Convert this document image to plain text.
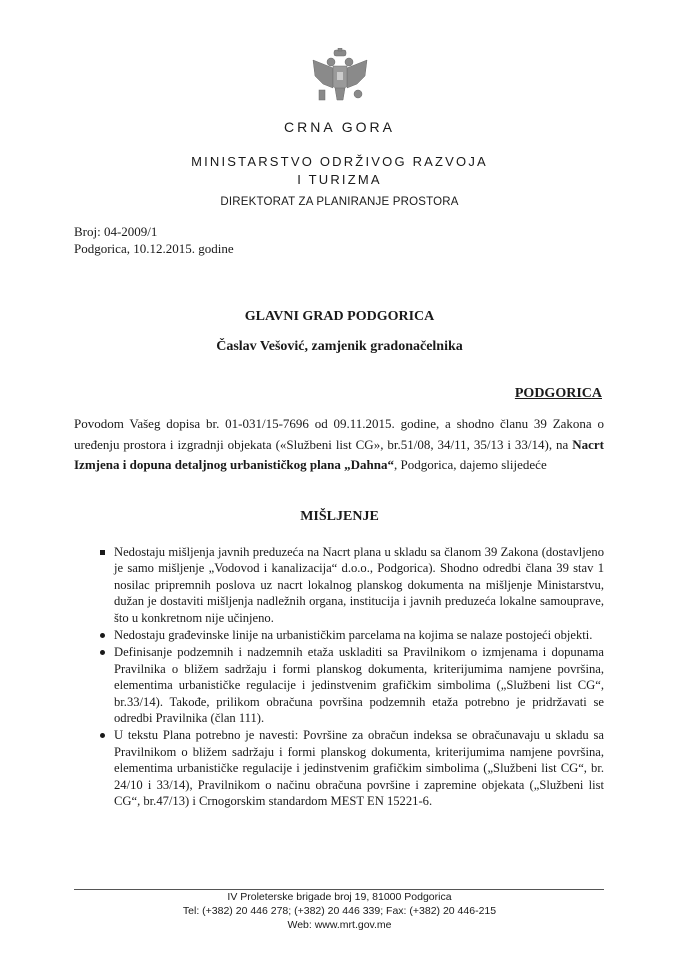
CRNA GORA
MINISTARSTVO ODRŽIVOG RAZVOJA
I TURIZMA
DIREKTORAT ZA PLANIRANJE PROSTORA
Broj: 04-2009/1
Podgorica, 10.12.2015. godine
GLAVNI GRAD PODGORICA
Časlav Vešović, zamjenik gradonačelnika
PODGORICA

Povodom Vašeg dopisa br. 01-031/15-7696 od 09.11.2015. godine, a shodno članu 39 Zakona o uređenju prostora i izgradnji objekata («Službeni list CG», br.51/08, 34/11, 35/13 i 33/14), na Nacrt Izmjena i dopuna detaljnog urbanističkog plana „Dahna“, Podgorica, dajemo slijedeće

MIŠLJENJE
Nedostaju mišljenja javnih preduzeća na Nacrt plana u skladu sa članom 39 Zakona (dostavljeno je samo mišljenje „Vodovod i kanalizacija“ d.o.o., Podgorica). Shodno odredbi člana 39 stav 1 nosilac pripremnih poslova uz nacrt lokalnog planskog dokumenta na mišljenje Ministarstvu, dužan je dostaviti mišljenja nadležnih organa, institucija i javnih preduzeća lokalne samouprave, što u konkretnom nije učinjeno.
Nedostaju građevinske linije na urbanističkim parcelama na kojima se nalaze postojeći objekti.
Definisanje podzemnih i nadzemnih etaža uskladiti sa Pravilnikom o izmjenama i dopunama Pravilnika o bližem sadržaju i formi planskog dokumenta, kriterijumima namjene površina, elementima urbanističke regulacije i jedinstvenim grafičkim simbolima („Službeni list CG“, br.33/14). Takođe, prilikom obračuna površina podzemnih etaža potrebno je pridržavati se odredbi Pravilnika (član 111).
U tekstu Plana potrebno je navesti: Površine za obračun indeksa se obračunavaju u skladu sa Pravilnikom o bližem sadržaju i formi planskog dokumenta, kriterijumima namjene površina, elementima urbanističke regulacije i jedinstvenim grafičkim simbolima („Službeni list CG“, br. 24/10 i 33/14), Pravilnikom o načinu obračuna površine i zapremine objekata („Službeni list CG“, br.47/13) i Crnogorskim standardom MEST EN 15221-6.
IV Proleterske brigade broj 19, 81000 Podgorica
Tel: (+382) 20 446 278; (+382) 20 446 339; Fax: (+382) 20 446-215
Web: www.mrt.gov.me
